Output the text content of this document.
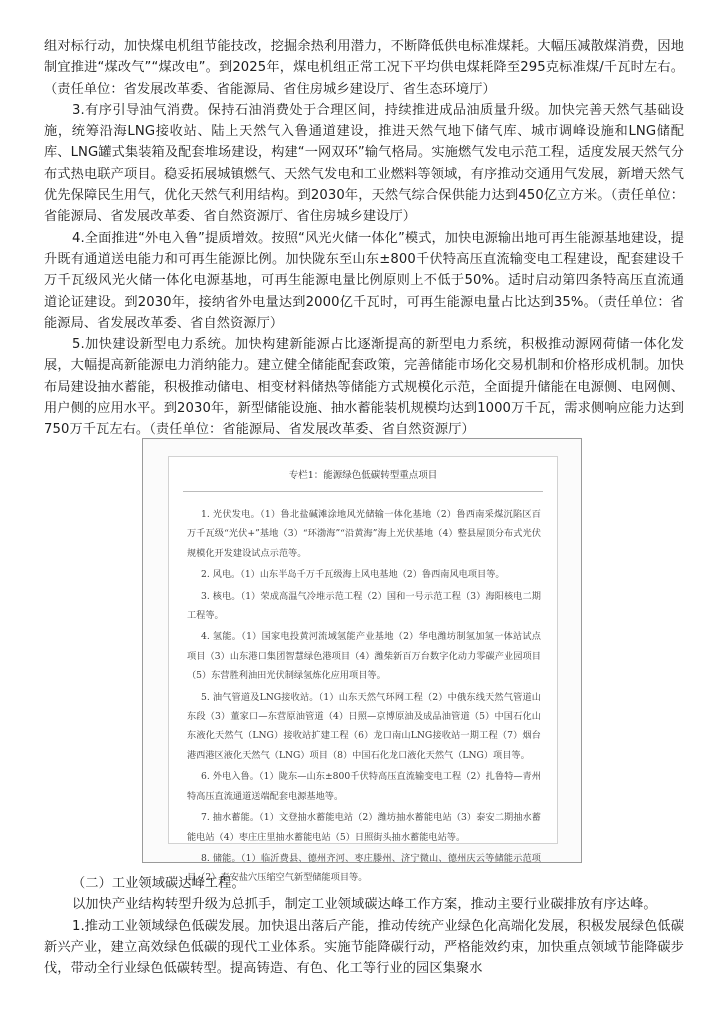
组对标行动，加快煤电机组节能技改，挖掘余热利用潜力，不断降低供电标准煤耗。大幅压减散煤消费，因地制宜推进“煤改气”“煤改电”。到2025年，煤电机组正常工况下平均供电煤耗降至295克标准煤/千瓦时左右。（责任单位：省发展改革委、省能源局、省住房城乡建设厅、省生态环境厅）

3.有序引导油气消费。保持石油消费处于合理区间，持续推进成品油质量升级。加快完善天然气基础设施，统筹沿海LNG接收站、陆上天然气入鲁通道建设，推进天然气地下储气库、城市调峰设施和LNG储配库、LNG罐式集装箱及配套堆场建设，构建“一网双环”输气格局。实施燃气发电示范工程，适度发展天然气分布式热电联产项目。稳妥拓展城镇燃气、天然气发电和工业燃料等领域，有序推动交通用气发展，新增天然气优先保障民生用气，优化天然气利用结构。到2030年，天然气综合保供能力达到450亿立方米。（责任单位：省能源局、省发展改革委、省自然资源厅、省住房城乡建设厅）

4.全面推进“外电入鲁”提质增效。按照“风光火储一体化”模式，加快电源输出地可再生能源基地建设，提升既有通道送电能力和可再生能源比例。加快陇东至山东±800千伏特高压直流输变电工程建设，配套建设千万千瓦级风光火储一体化电源基地，可再生能源电量比例原则上不低于50%。适时启动第四条特高压直流通道论证建设。到2030年，接纳省外电量达到2000亿千瓦时，可再生能源电量占比达到35%。（责任单位：省能源局、省发展改革委、省自然资源厅）

5.加快建设新型电力系统。加快构建新能源占比逐渐提高的新型电力系统，积极推动源网荷储一体化发展，大幅提高新能源电力消纳能力。建立健全储能配套政策，完善储能市场化交易机制和价格形成机制。加快布局建设抽水蓄能，积极推动储电、相变材料储热等储能方式规模化示范，全面提升储能在电源侧、电网侧、用户侧的应用水平。到2030年，新型储能设施、抽水蓄能装机规模均达到1000万千瓦，需求侧响应能力达到750万千瓦左右。（责任单位：省能源局、省发展改革委、省自然资源厅）

专栏1：能源绿色低碳转型重点项目

1. 光伏发电。（1）鲁北盐碱滩涂地风光储输一体化基地（2）鲁西南采煤沉陷区百万千瓦级“光伏+”基地（3）“环渤海”“沿黄海”海上光伏基地（4）整县屋顶分布式光伏规模化开发建设试点示范等。

2. 风电。（1）山东半岛千万千瓦级海上风电基地（2）鲁西南风电项目等。

3. 核电。（1）荣成高温气冷堆示范工程（2）国和一号示范工程（3）海阳核电二期工程等。

4. 氢能。（1）国家电投黄河流域氢能产业基地（2）华电潍坊制氢加氢一体站试点项目（3）山东港口集团智慧绿色港项目（4）潍柴新百万台数字化动力零碳产业园项目（5）东营胜利油田光伏制绿氢炼化应用项目等。

5. 油气管道及LNG接收站。（1）山东天然气环网工程（2）中俄东线天然气管道山东段（3）董家口—东营原油管道（4）日照—京博原油及成品油管道（5）中国石化山东液化天然气（LNG）接收站扩建工程（6）龙口南山LNG接收站一期工程（7）烟台港西港区液化天然气（LNG）项目（8）中国石化龙口液化天然气（LNG）项目等。

6. 外电入鲁。（1）陇东—山东±800千伏特高压直流输变电工程（2）扎鲁特—青州特高压直流通道送端配套电源基地等。

7. 抽水蓄能。（1）文登抽水蓄能电站（2）潍坊抽水蓄能电站（3）泰安二期抽水蓄能电站（4）枣庄庄里抽水蓄能电站（5）日照街头抽水蓄能电站等。

8. 储能。（1）临沂费县、德州齐河、枣庄滕州、济宁微山、德州庆云等储能示范项目（2）泰安盐穴压缩空气新型储能项目等。

（二）工业领域碳达峰工程。

以加快产业结构转型升级为总抓手，制定工业领域碳达峰工作方案，推动主要行业碳排放有序达峰。

1.推动工业领域绿色低碳发展。加快退出落后产能，推动传统产业绿色化高端化发展，积极发展绿色低碳新兴产业，建立高效绿色低碳的现代工业体系。实施节能降碳行动，严格能效约束，加快重点领域节能降碳步伐，带动全行业绿色低碳转型。提高铸造、有色、化工等行业的园区集聚水
